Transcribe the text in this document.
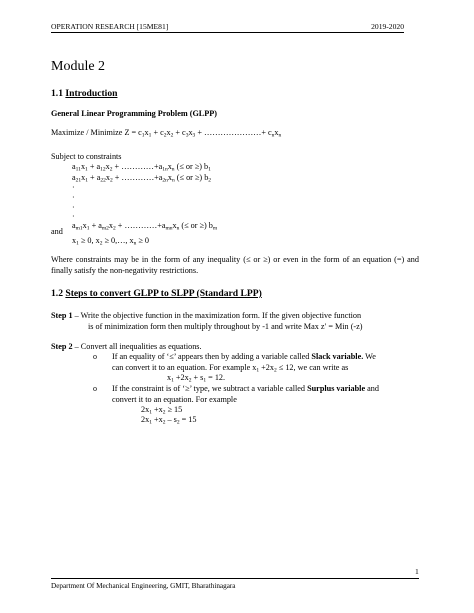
OPERATION RESEARCH [15ME81]	2019-2020
Module 2
1.1 Introduction
General Linear Programming Problem (GLPP)
Maximize / Minimize $Z = c_1x_1 + c_2x_2 + c_3x_3$ + …………………+ $c_nx_n$
Subject to constraints
$a_{11}x_1 + a_{12}x_2$ + $\dots\dots\dots\dots+a_{1n}x_n$ (≤ or ≥) $b_1$
$a_{21}x_1 + a_{22}x_2$ + $\dots\dots\dots\dots+a_{2n}x_n$ (≤ or ≥) $b_2$
·
·
·
·
$a_{m1}x_1 + a_{m2}x_2$ + $\dots\dots\dots\dots+a_{mn}x_n$ (≤ or ≥) $b_m$
and
$x_1 \ge 0$, $x_2$ ≥ 0,…, $x_n \ge 0$
Where constraints may be in the form of any inequality (≤ or ≥) or even in the form of an equation (=) and finally satisfy the non-negativity restrictions.
1.2 Steps to convert GLPP to SLPP (Standard LPP)
Step 1 – Write the objective function in the maximization form. If the given objective function
is of minimization form then multiply throughout by -1 and write Max z′ = Min (-z)
Step 2 – Convert all inequalities as equations.
o If an equality of ‘≤’ appears then by adding a variable called Slack variable. We
can convert it to an equation. For example $x_1 +2x_2 \le 12$, we can write as
$x_1 +2x_2 + s_1 = 12$.
o If the constraint is of ‘≥’ type, we subtract a variable called Surplus variable and
convert it to an equation. For example
$2x_1 +x_2 \ge 15$
$2x_1 +x_2 - s_2 = 15$
1
Department Of Mechanical Engineering, GMIT, Bharathinagara
